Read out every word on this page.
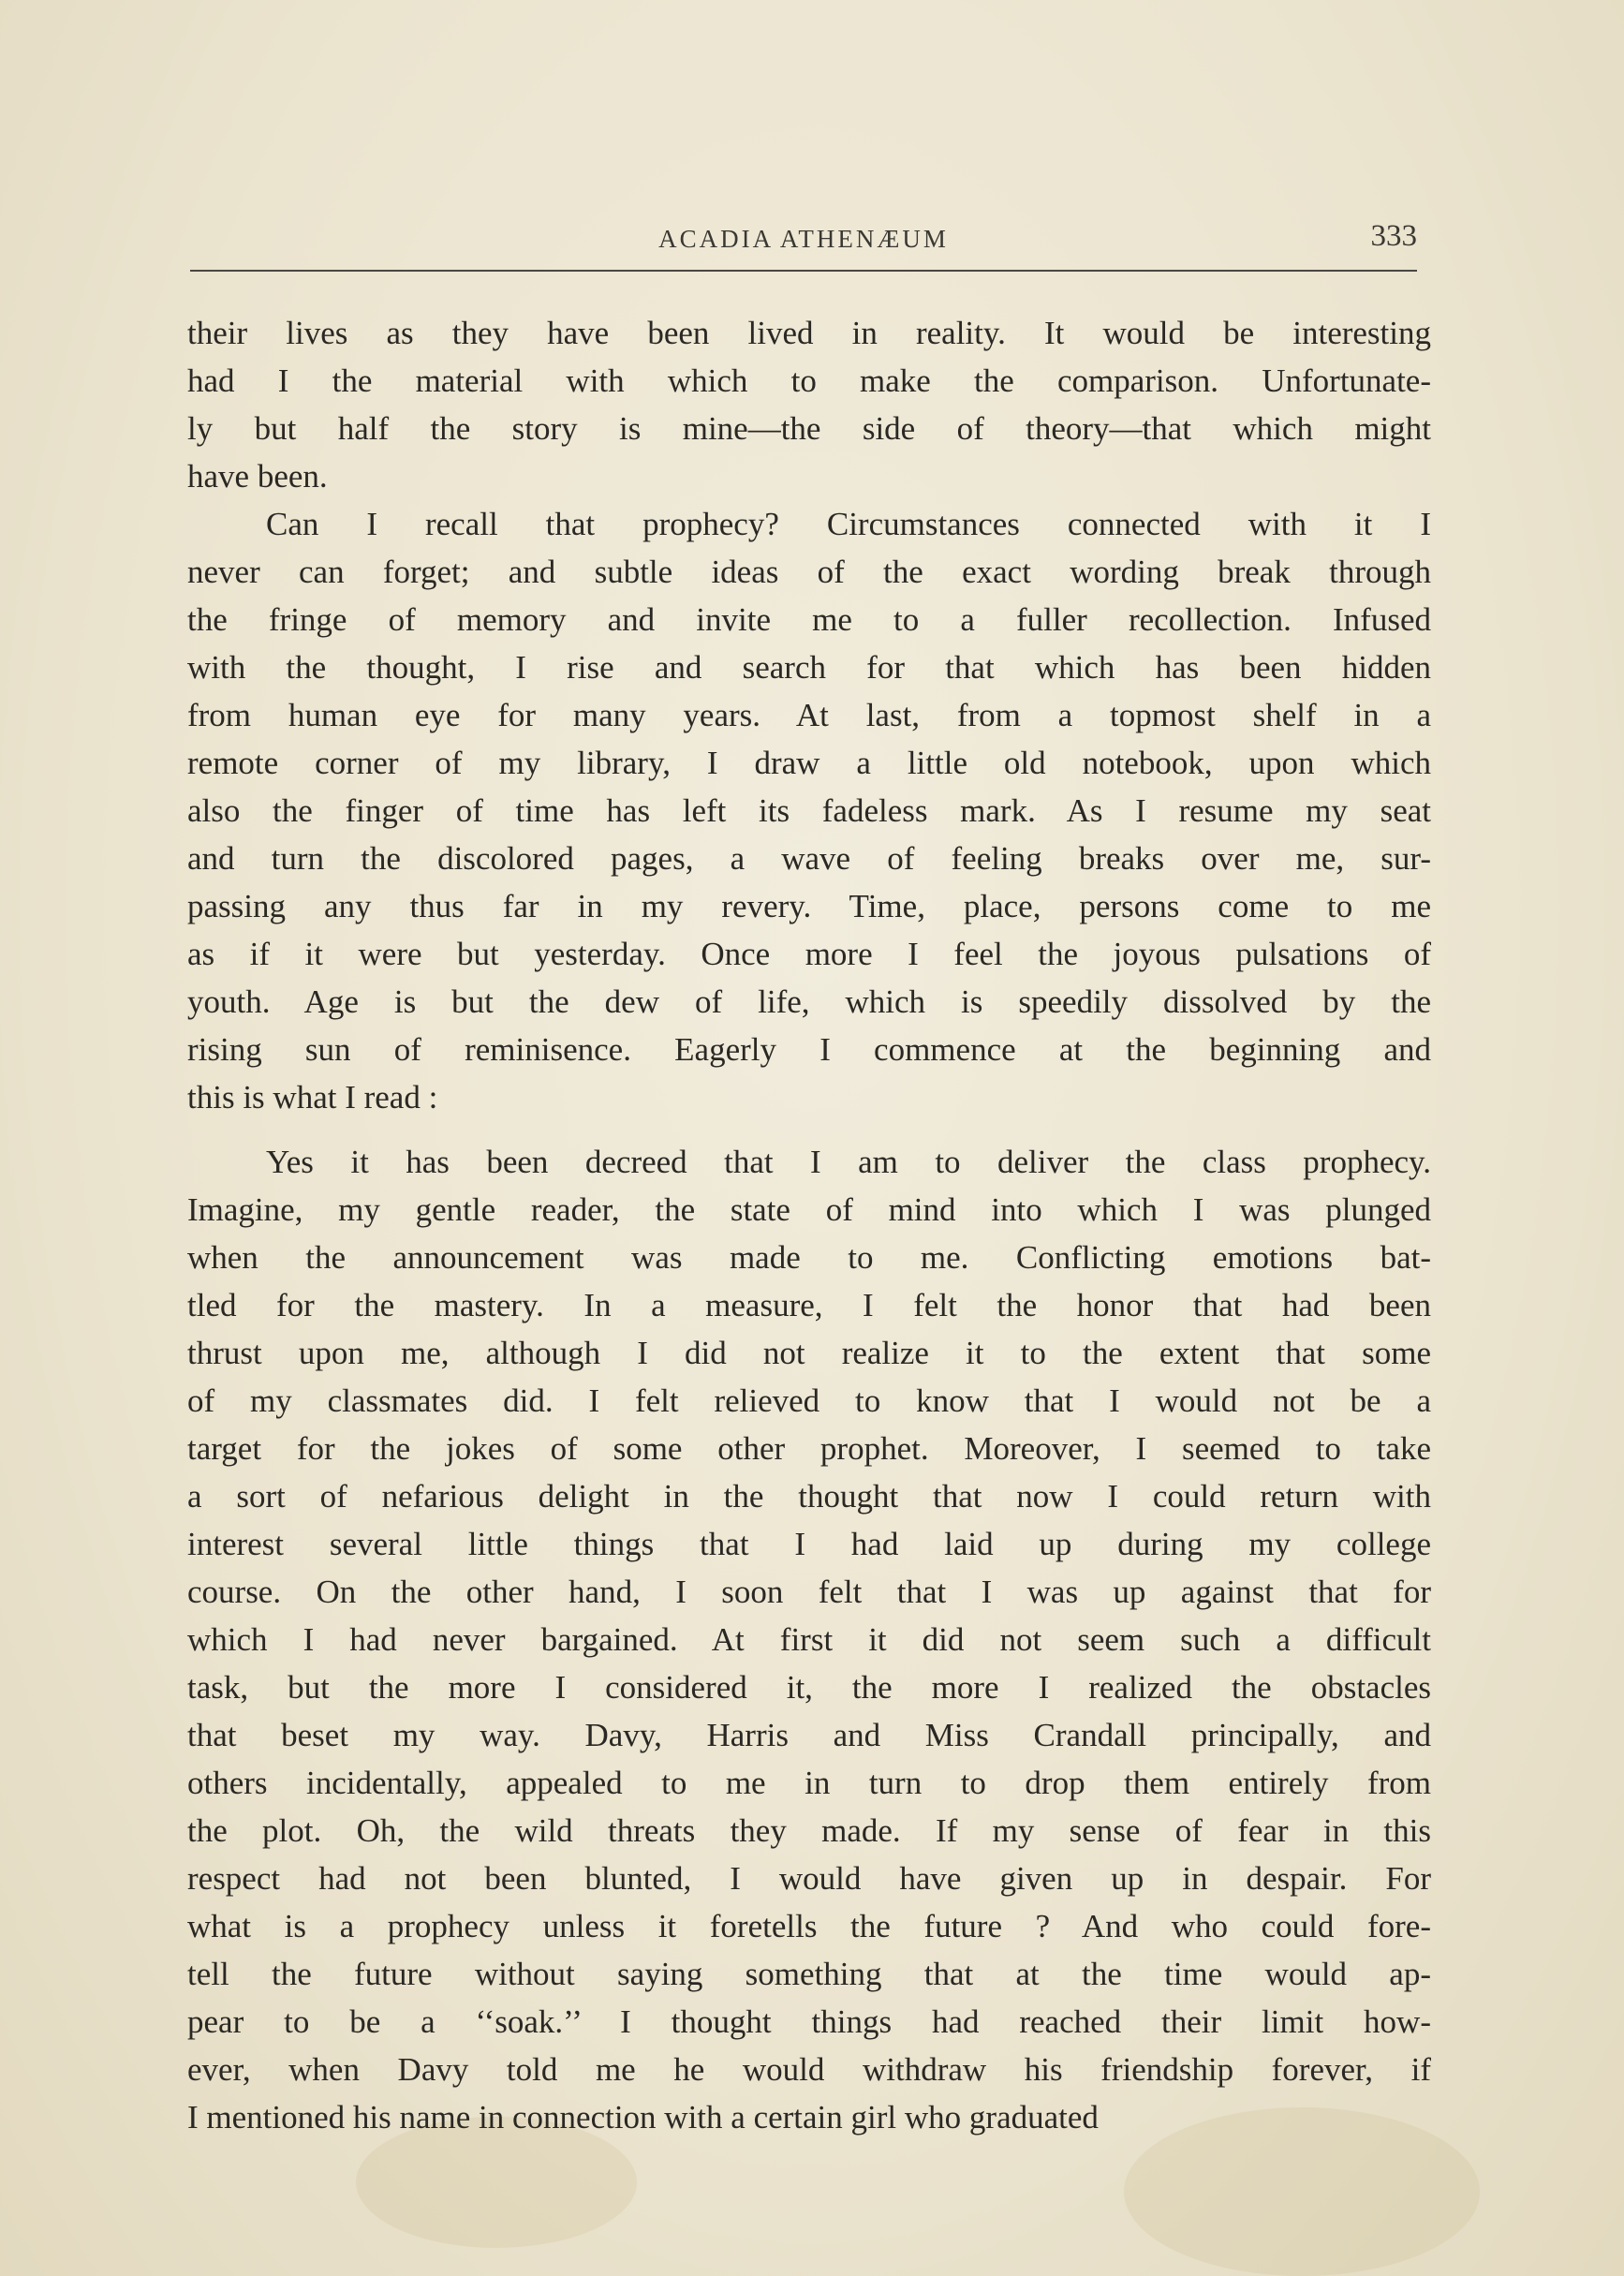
ACADIA ATHENÆUM	333
their lives as they have been lived in reality. It would be interesting
had I the material with which to make the comparison. Unfortunate-
ly but half the story is mine—the side of theory—that which might
have been.
Can I recall that prophecy? Circumstances connected with it I
never can forget; and subtle ideas of the exact wording break through
the fringe of memory and invite me to a fuller recollection. Infused
with the thought, I rise and search for that which has been hidden
from human eye for many years. At last, from a topmost shelf in a
remote corner of my library, I draw a little old notebook, upon which
also the finger of time has left its fadeless mark. As I resume my seat
and turn the discolored pages, a wave of feeling breaks over me, sur-
passing any thus far in my revery. Time, place, persons come to me
as if it were but yesterday. Once more I feel the joyous pulsations of
youth. Age is but the dew of life, which is speedily dissolved by the
rising sun of reminisence. Eagerly I commence at the beginning and
this is what I read :
Yes it has been decreed that I am to deliver the class prophecy.
Imagine, my gentle reader, the state of mind into which I was plunged
when the announcement was made to me. Conflicting emotions bat-
tled for the mastery. In a measure, I felt the honor that had been
thrust upon me, although I did not realize it to the extent that some
of my classmates did. I felt relieved to know that I would not be a
target for the jokes of some other prophet. Moreover, I seemed to take
a sort of nefarious delight in the thought that now I could return with
interest several little things that I had laid up during my college
course. On the other hand, I soon felt that I was up against that for
which I had never bargained. At first it did not seem such a difficult
task, but the more I considered it, the more I realized the obstacles
that beset my way. Davy, Harris and Miss Crandall principally, and
others incidentally, appealed to me in turn to drop them entirely from
the plot. Oh, the wild threats they made. If my sense of fear in this
respect had not been blunted, I would have given up in despair. For
what is a prophecy unless it foretells the future ? And who could fore-
tell the future without saying something that at the time would ap-
pear to be a ‘‘soak.’’ I thought things had reached their limit how-
ever, when Davy told me he would withdraw his friendship forever, if
I mentioned his name in connection with a certain girl who graduated
